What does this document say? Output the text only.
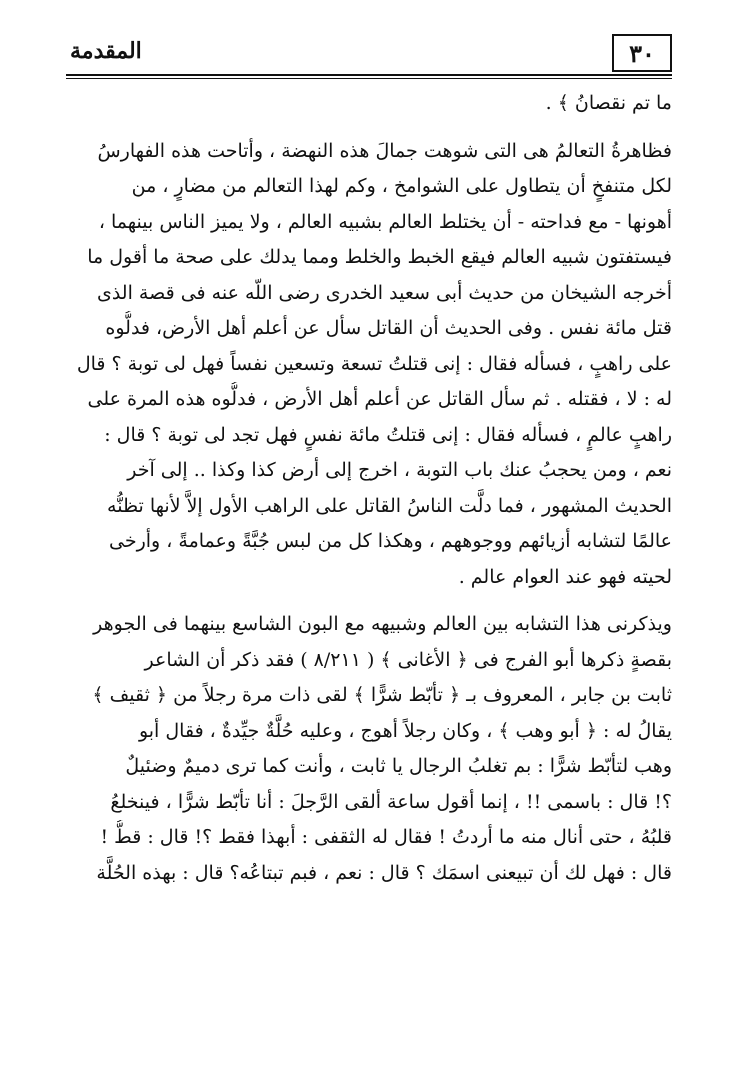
٣٠
المقدمة
ما تم نقصانُ ﴾ .
فظاهرةُ التعالمُ هى التى شوهت جمالَ هذه النهضة ، وأتاحت هذه الفهارسُ
لكل متنفخٍ أن يتطاول على الشوامخ ، وكم لهذا التعالم من مضارٍ ، من
أهونها - مع فداحته - أن يختلط العالم بشبيه العالم ، ولا يميز الناس بينهما ،
فيستفتون شبيه العالم فيقع الخبط والخلط ومما يدلك على صحة ما أقول ما
أخرجه الشيخان من حديث أبى سعيد الخدرى رضى اللّه عنه فى قصة الذى
قتل مائة نفس . وفى الحديث أن القاتل سأل عن أعلم أهل الأرض، فدلُّوه
على راهبٍ ، فسأله فقال : إنى قتلتُ تسعة وتسعين نفساً فهل لى توبة ؟ قال
له : لا ، فقتله . ثم سأل القاتل عن أعلم أهل الأرض ، فدلُّوه هذه المرة على
راهبٍ عالمٍ ، فسأله فقال : إنى قتلتُ مائة نفسٍ فهل تجد لى توبة ؟ قال :
نعم ، ومن يحجبُ عنك باب التوبة ، اخرج إلى أرض كذا وكذا .. إلى آخر
الحديث المشهور ، فما دلَّت الناسُ القاتل على الراهب الأول إلاَّ لأنها تظنُّه
عالمًا لتشابه أزيائهم ووجوههم ، وهكذا كل من لبس جُبَّةً وعمامةً ، وأرخى
لحيته فهو عند العوام عالم .
ويذكرنى هذا التشابه بين العالم وشبيهه مع البون الشاسع بينهما فى الجوهر
بقصةٍ ذكرها أبو الفرج فى ﴿ الأغانى ﴾ ( ٨/٢١١ ) فقد ذكر أن الشاعر
ثابت بن جابر ، المعروف بـ ﴿ تأبّط شرًّا ﴾ لقى ذات مرة رجلاً من ﴿ ثقيف ﴾
يقالُ له : ﴿ أبو وهب ﴾ ، وكان رجلاً أهوج ، وعليه حُلَّةٌ جيِّدةٌ ، فقال أبو
وهب لتأبّط شرًّا : بم تغلبُ الرجال يا ثابت ، وأنت كما ترى دميمٌ وضئيلٌ
؟! قال : باسمى !! ، إنما أقول ساعة ألقى الرَّجلَ : أنا تأبّط شرًّا ، فينخلعُ
قلبُهُ ، حتى أنال منه ما أردتُ ! فقال له الثقفى : أبهذا فقط ؟! قال : قطُّ !
قال : فهل لك أن تبيعنى اسمَك ؟ قال : نعم ، فبم تبتاعُه؟ قال : بهذه الحُلَّة
